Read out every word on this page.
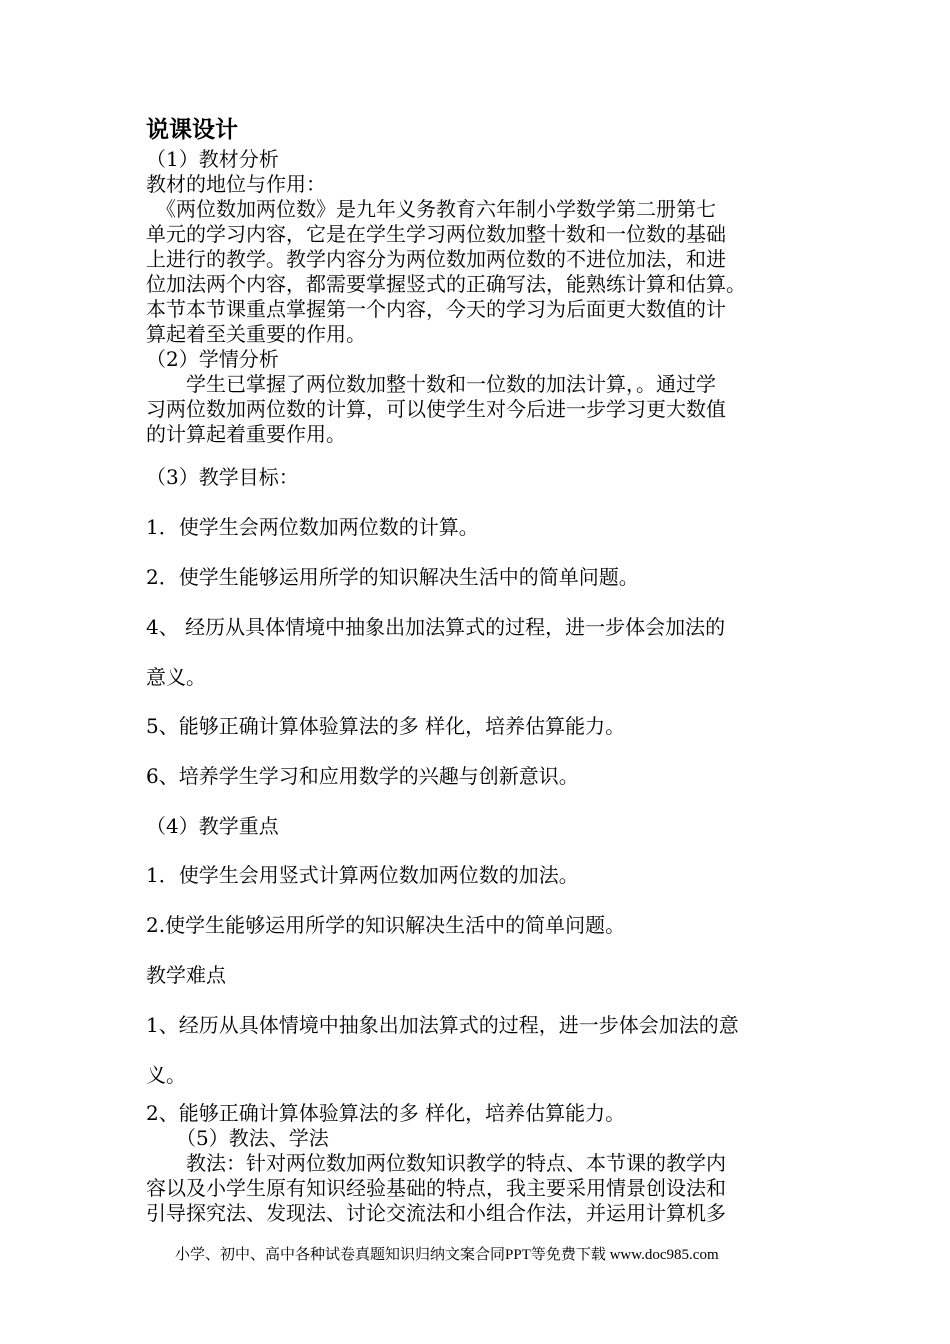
说课设计
（1）教材分析
教材的地位与作用：
　《两位数加两位数》是九年义务教育六年制小学数学第二册第七
单元的学习内容，它是在学生学习两位数加整十数和一位数的基础
上进行的教学。教学内容分为两位数加两位数的不进位加法，和进
位加法两个内容，都需要掌握竖式的正确写法，能熟练计算和估算。
本节本节课重点掌握第一个内容，今天的学习为后面更大数值的计
算起着至关重要的作用。
（2）学情分析
　　学生已掌握了两位数加整十数和一位数的加法计算，。通过学
习两位数加两位数的计算，可以使学生对今后进一步学习更大数值
的计算起着重要作用。
（3）教学目标：
1．使学生会两位数加两位数的计算。
2．使学生能够运用所学的知识解决生活中的简单问题。
4、 经历从具体情境中抽象出加法算式的过程，进一步体会加法的
意义。
5、能够正确计算体验算法的多 样化，培养估算能力。
6、培养学生学习和应用数学的兴趣与创新意识。
（4）教学重点
1．使学生会用竖式计算两位数加两位数的加法。
2.使学生能够运用所学的知识解决生活中的简单问题。
教学难点
1、经历从具体情境中抽象出加法算式的过程，进一步体会加法的意
义。
2、能够正确计算体验算法的多 样化，培养估算能力。
　　（5）教法、学法
　　教法：针对两位数加两位数知识教学的特点、本节课的教学内
容以及小学生原有知识经验基础的特点，我主要采用情景创设法和
引导探究法、发现法、讨论交流法和小组合作法，并运用计算机多
小学、初中、高中各种试卷真题知识归纳文案合同PPT等免费下载 www.doc985.com
